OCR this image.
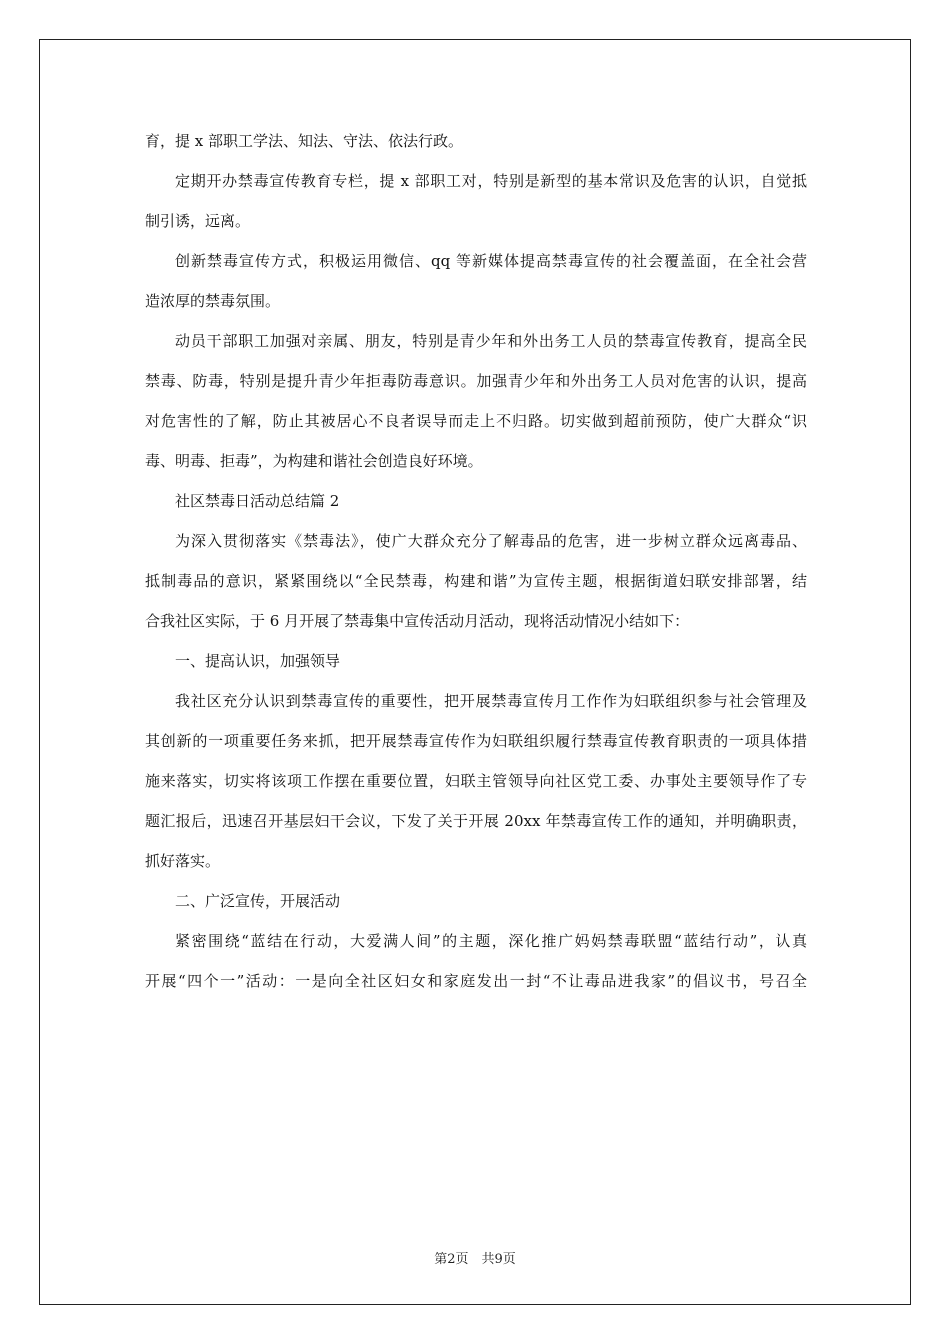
育，提 x 部职工学法、知法、守法、依法行政。

定期开办禁毒宣传教育专栏，提 x 部职工对，特别是新型的基本常识及危害的认识，自觉抵

制引诱，远离。

创新禁毒宣传方式，积极运用微信、qq 等新媒体提高禁毒宣传的社会覆盖面，在全社会营

造浓厚的禁毒氛围。

动员干部职工加强对亲属、朋友，特别是青少年和外出务工人员的禁毒宣传教育，提高全民

禁毒、防毒，特别是提升青少年拒毒防毒意识。加强青少年和外出务工人员对危害的认识，提高

对危害性的了解，防止其被居心不良者误导而走上不归路。切实做到超前预防，使广大群众“识

毒、明毒、拒毒”，为构建和谐社会创造良好环境。

社区禁毒日活动总结篇 2

为深入贯彻落实《禁毒法》，使广大群众充分了解毒品的危害，进一步树立群众远离毒品、

抵制毒品的意识，紧紧围绕以“全民禁毒，构建和谐”为宣传主题，根据街道妇联安排部署，结

合我社区实际，于 6 月开展了禁毒集中宣传活动月活动，现将活动情况小结如下：

一、提高认识，加强领导

我社区充分认识到禁毒宣传的重要性，把开展禁毒宣传月工作作为妇联组织参与社会管理及

其创新的一项重要任务来抓，把开展禁毒宣传作为妇联组织履行禁毒宣传教育职责的一项具体措

施来落实，切实将该项工作摆在重要位置，妇联主管领导向社区党工委、办事处主要领导作了专

题汇报后，迅速召开基层妇干会议，下发了关于开展 20xx 年禁毒宣传工作的通知，并明确职责，

抓好落实。

二、广泛宣传，开展活动

紧密围绕“蓝结在行动，大爱满人间”的主题，深化推广妈妈禁毒联盟“蓝结行动”，认真

开展“四个一”活动：一是向全社区妇女和家庭发出一封“不让毒品进我家”的倡议书，号召全

第2页　共9页
